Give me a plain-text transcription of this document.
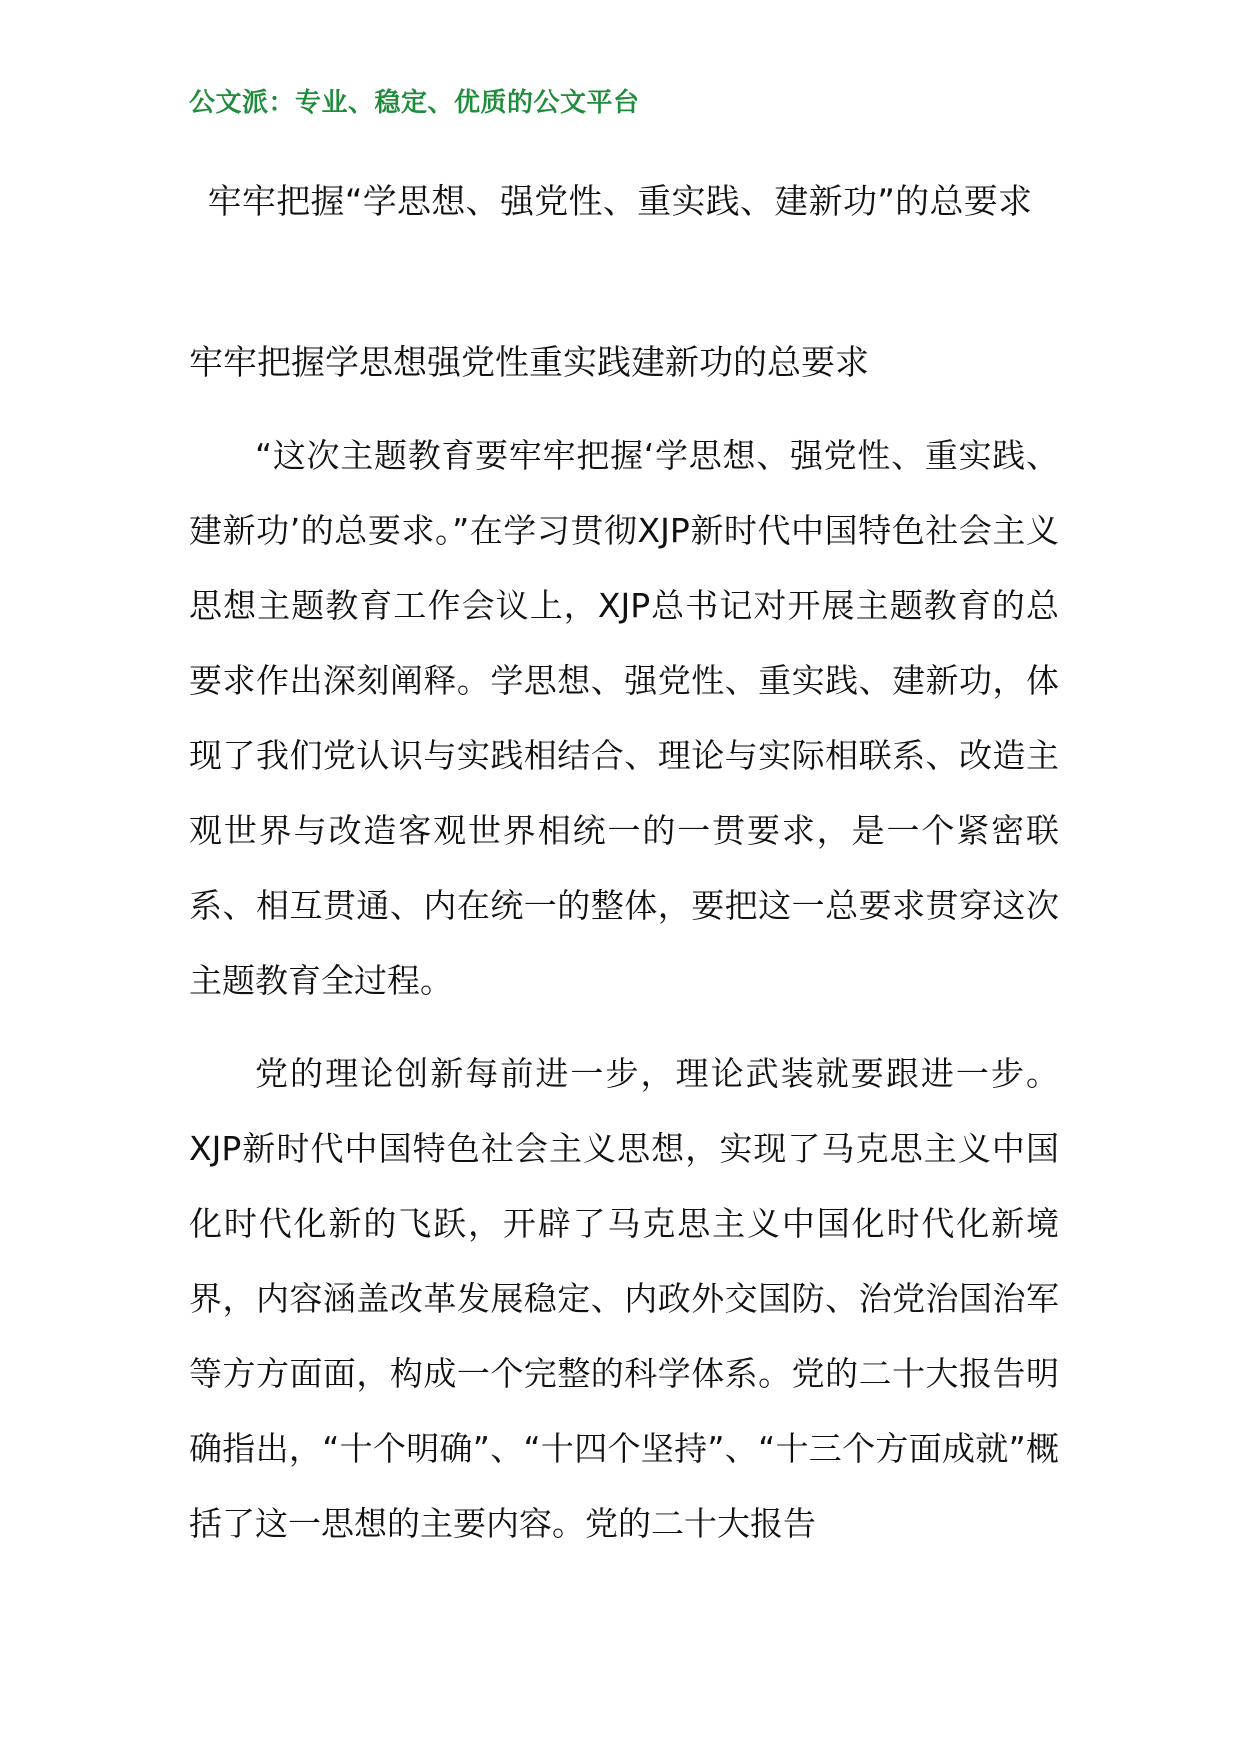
公文派：专业、稳定、优质的公文平台
牢牢把握“学思想、强党性、重实践、建新功”的总要求
牢牢把握学思想强党性重实践建新功的总要求

“这次主题教育要牢牢把握‘学思想、强党性、重实践、建新功’的总要求。”在学习贯彻XJP新时代中国特色社会主义思想主题教育工作会议上，XJP总书记对开展主题教育的总要求作出深刻阐释。学思想、强党性、重实践、建新功，体现了我们党认识与实践相结合、理论与实际相联系、改造主观世界与改造客观世界相统一的一贯要求，是一个紧密联系、相互贯通、内在统一的整体，要把这一总要求贯穿这次主题教育全过程。

党的理论创新每前进一步，理论武装就要跟进一步。XJP新时代中国特色社会主义思想，实现了马克思主义中国化时代化新的飞跃，开辟了马克思主义中国化时代化新境界，内容涵盖改革发展稳定、内政外交国防、治党治国治军等方方面面，构成一个完整的科学体系。党的二十大报告明确指出，“十个明确”、“十四个坚持”、“十三个方面成就”概括了这一思想的主要内容。党的二十大报告
